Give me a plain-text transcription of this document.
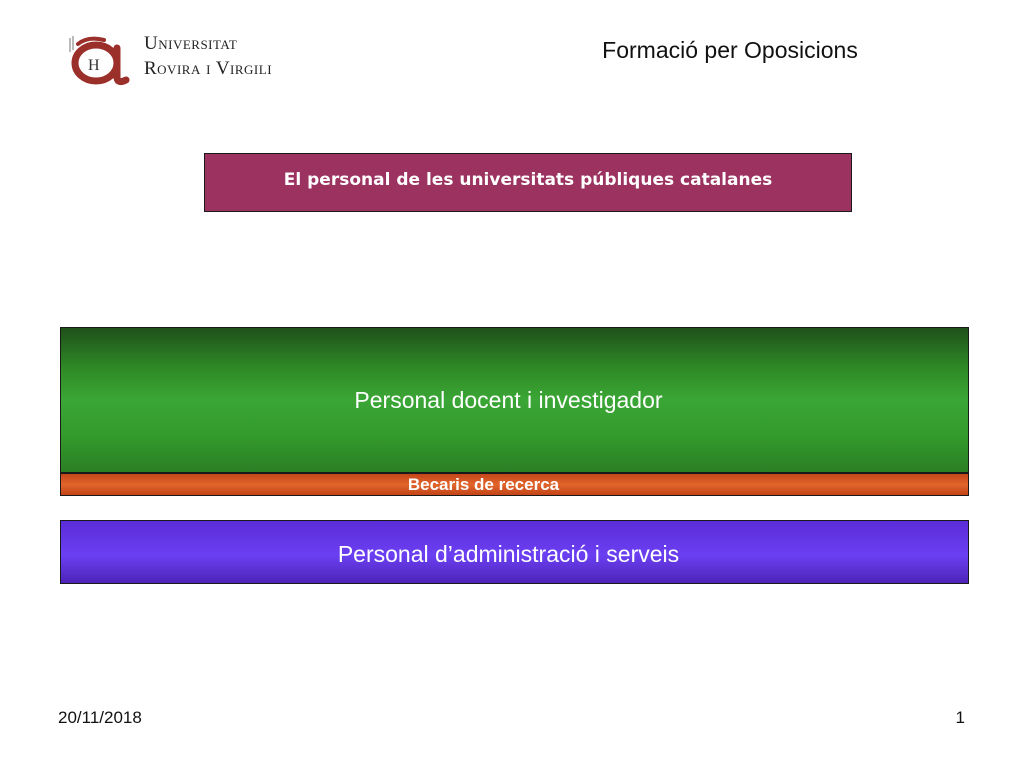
H
Universitat
Rovira i Virgili
Formació per Oposicions
El personal de les universitats públiques catalanes
Personal docent i investigador
Becaris de recerca
Personal d’administració i serveis
20/11/2018	1
